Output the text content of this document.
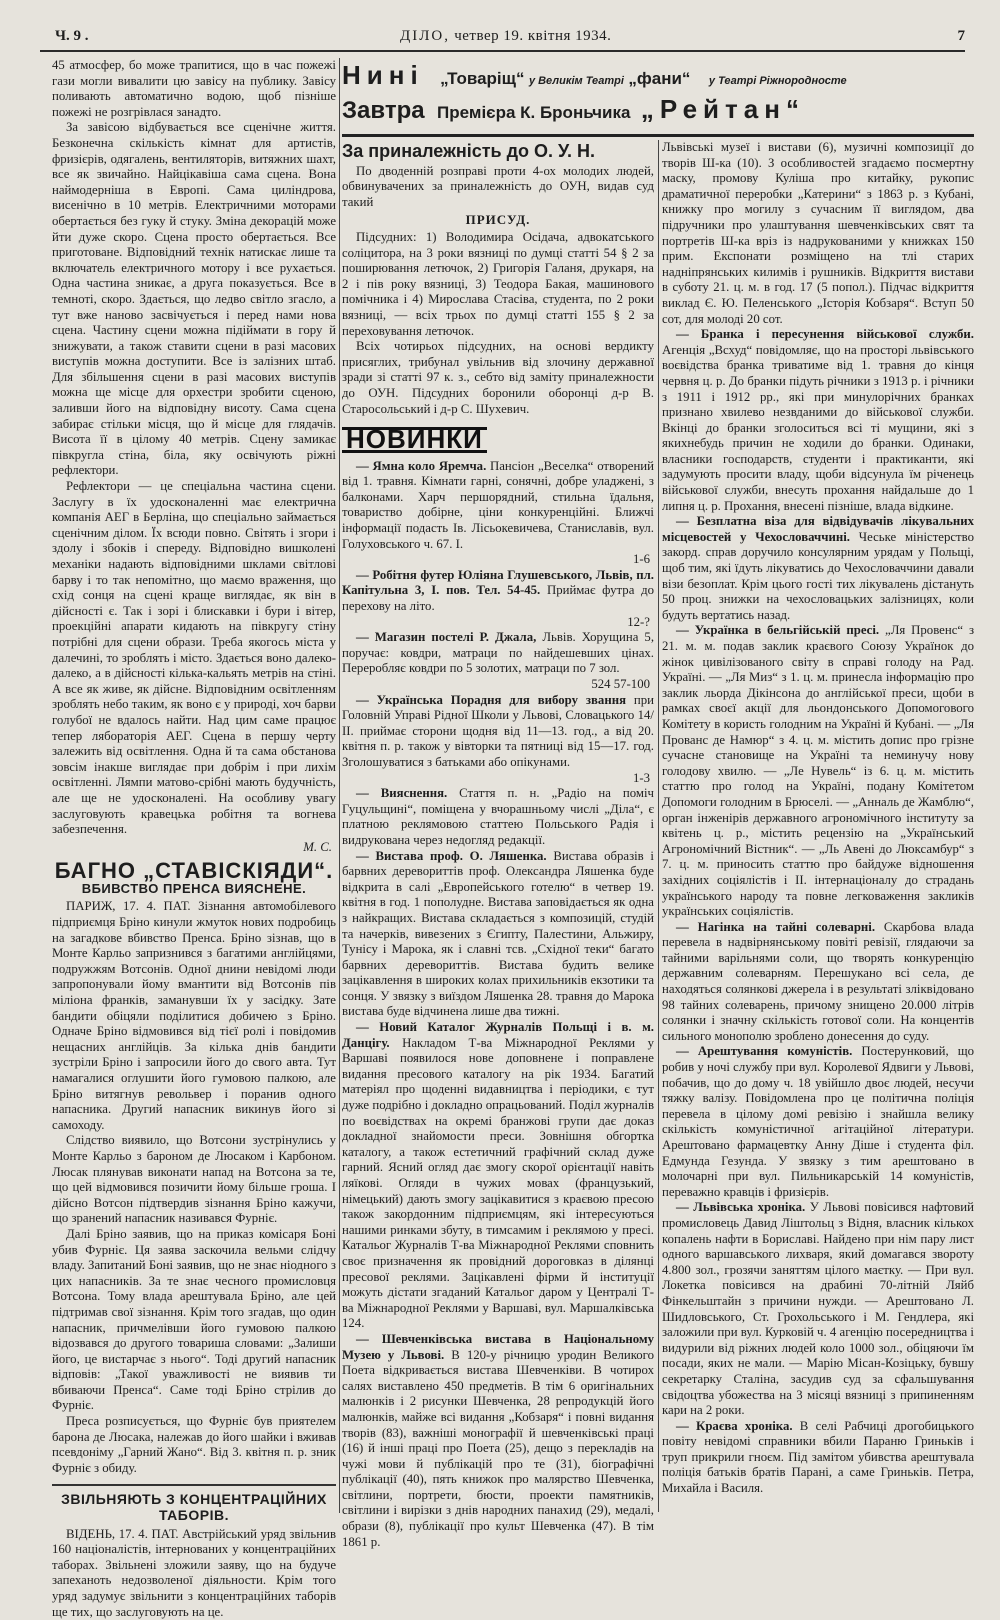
Ч. 9 .	ДІЛО, четвер 19. квітня 1934.	7
Нині „Товаріщ“ у Великім Театрі „фани“ у Театрі Ріжнородносте
Завтра Премієра К. Броньчика „Рейтан“

45 атмосфер, бо може трапитися, що в час пожежі гази могли вивалити цю завісу на публику. Завісу поливають автоматично водою, щоб пізніше пожежі не розгрівлася занадто.

За завісою відбувається все сценічне життя. Безконечна скількість кімнат для артистів, фризієрів, одягалень, вентиляторів, витяжних шахт, все як звичайно. Найцікавіша сама сцена. Вона наймодерніша в Европі. Сама циліндрова, висенічно в 10 метрів. Електричними моторами обертається без гуку й стуку. Зміна декорацій може йти дуже скоро. Сцена просто обертається. Все приготоване. Відповідний технік натискає лише та включатель електричного мотору і все рухається. Одна частина зникає, а друга показується. Все в темноті, скоро. Здається, що ледво світло згасло, а тут вже наново засвічується і перед нами нова сцена. Частину сцени можна підіймати в гору й знижувати, а також ставити сцени в разі масових виступів можна доступити. Все із залізних штаб. Для збільшення сцени в разі масових виступів можна ще місце для орхестри зробити сценою, заливши його на відповідну висоту. Сама сцена забирає стільки місця, що й місце для глядачів. Висота її в цілому 40 метрів. Сцену замикає півкругла стіна, біла, яку освічують ріжні рефлектори.

Рефлектори — це спеціальна частина сцени. Заслугу в їх удосконаленні має електрична компанія АЕГ в Берліна, що спеціально займається сценічним ділом. Їх всюди повно. Світять і згори і здолу і збоків і спереду. Відповідно вишколені механіки надають відповідними шклами світлові барву і то так непомітно, що маємо враження, що схід сонця на сцені краще виглядає, як він в дійсності є. Так і зорі і блискавки і бури і вітер, проекційні апарати кидають на півкругу стіну потрібні для сцени образи. Треба якогось міста у далечині, то зроблять і місто. Здається воно далеко-далеко, а в дійсності кілька-кальять метрів на стіні. А все як живе, як дійсне. Відповідним освітленням зроблять небо таким, як воно є у природі, хоч барви голубої не вдалось найти. Над цим саме працює тепер лябораторія АЕГ. Сцена в першу черту залежить від освітлення. Одна й та сама обстанова зовсім інакше виглядає при добрім і при лихім освітленні. Лямпи матово-срібні мають будучність, але ще не удосконалені. На особливу увагу заслуговують кравецька робітня та вогнева забезпечення.

М. С.
БАГНО „СТАВІСКІЯДИ“.
ВБИВСТВО ПРЕНСА ВИЯСНЕНЕ.

ПАРИЖ, 17. 4. ПАТ. Зізнання автомобілевого підприємця Бріно кинули жмуток нових подробиць на загадкове вбивство Пренса. Бріно зізнав, що в Монте Карльо запризнився з багатими англійцями, подружжям Вотсонів. Одної днини невідомі люди запропонували йому вмантити від Вотсонів пів міліона франків, заманувши їх у засідку. Зате бандити обіцяли поділитися добичею з Бріно. Одначе Бріно відмовився від тієї ролі і повідомив нещасних англійців. За кілька днів бандити зустріли Бріно і запросили його до свого авта. Тут намагалися оглушити його гумовою палкою, але Бріно витягнув револьвер і поранив одного напасника. Другий напасник викинув його зі самоходу.

Слідство виявило, що Вотсони зустрінулись у Монте Карльо з бароном де Люсаком і Карбоном. Люсак плянував виконати напад на Вотсона за те, що цей відмовився позичити йому більше гроша. І дійсно Вотсон підтвердив зізнання Бріно кажучи, що зранений напасник називався Фурніє.

Далі Бріно заявив, що на приказ комісаря Боні убив Фурніє. Ця заява заскочила вельми слідчу владу. Запитаний Боні заявив, що не знає ніодного з цих напасників. За те знає чесного промисловця Вотсона. Тому влада арештувала Бріно, але цей підтримав свої зізнання. Крім того згадав, що один напасник, причмелівши його гумовою палкою відозвався до другого товариша словами: „Залиши його, це вистарчає з нього“. Тоді другий напасник відповів: „Такої уважливості не виявив ти вбиваючи Пренса“. Саме тоді Бріно стрілив до Фурніє.

Преса розписується, що Фурніє був приятелем барона де Люсака, належав до його шайки і вживав псевдоніму „Гарний Жано“. Від 3. квітня п. р. зник Фурніє з обиду.

ЗВІЛЬНЯЮТЬ З КОНЦЕНТРАЦІЙНИХ ТАБОРІВ.

ВІДЕНЬ, 17. 4. ПАТ. Австрійський уряд звільнив 160 націоналістів, інтернованих у концентраційних таборах. Звільнені зложили заяву, що на будуче запеханоть недозволеної діяльности. Крім того уряд задумує звільнити з концентраційних таборів ще тих, що заслуговують на це.

За приналежність до О. У. Н.

По дводенній розправі проти 4-ох молодих людей, обвинувачених за приналежність до ОУН, видав суд такий

ПРИСУД.

Підсудних: 1) Володимира Осідача, адвокатського соліцитора, на 3 роки вязниці по думці статті 54 § 2 за поширювання летючок, 2) Григорія Галаня, друкаря, на 2 і пів року вязниці, 3) Теодора Бакая, машинового помічника і 4) Мирослава Стасіва, студента, по 2 роки вязниці, — всіх трьох по думці статті 155 § 2 за переховування летючок.

Всіх чотирьох підсудних, на основі вердикту присяглих, трибунал увільнив від злочину державної зради зі статті 97 к. з., себто від заміту приналежности до ОУН. Підсудних боронили оборонці д-р В. Старосольський і д-р С. Шухевич.

НОВИНКИ

— Ямна коло Яремча. Пансіон „Веселка“ отворений від 1. травня. Кімнати гарні, сонячні, добре уладжені, з балконами. Харч першорядний, стильна їдальня, товариство добірне, ціни конкуренційні. Ближчі інформації подасть Ів. Лісьокевичева, Станиславів, вул. Голуховського ч. 67. І.

1-6

— Робітня футер Юліяна Глушевського, Львів, пл. Капітульна 3, І. пов. Тел. 54-45. Приймає футра до перехову на літо.

12-?

— Магазин постелі Р. Джала, Львів. Хорущина 5, поручає: ковдри, матраци по найдешевших цінах. Переробляє ковдри по 5 золотих, матраци по 7 зол.

524 57-100

— Українська Порадня для вибору звання при Головній Управі Рідної Школи у Львові, Словацького 14/ІІ. приймає сторони щодня від 11—13. год., а від 20. квітня п. р. також у вівторки та пятниці від 15—17. год. Зголошуватися з батьками або опікунами.

1-3

— Вияснення. Стаття п. н. „Радіо на поміч Гуцульщині“, поміщена у вчорашньому числі „Діла“, є платною реклямовою статтею Польського Радія і видрукована через недогляд редакції.

— Вистава проф. О. Ляшенка. Вистава образів і барвних деревориттів проф. Олександра Ляшенка буде відкрита в салі „Европейського готелю“ в четвер 19. квітня в год. 1 пополудне. Вистава заповідається як одна з найкращих. Вистава складається з композицій, студій та начерків, вивезених з Єгипту, Палестини, Альжиру, Тунісу і Марока, як і славні тсв. „Східної теки“ багато барвних деревориттів. Вистава будить велике зацікавлення в широких колах прихильників екзотики та сонця. У звязку з виїздом Ляшенка 28. травня до Марока вистава буде відчинена лише два тижні.

— Новий Каталог Журналів Польщі і в. м. Данцігу. Накладом Т-ва Міжнародної Реклями у Варшаві появилося нове доповнене і поправлене видання пресового каталогу на рік 1934. Багатий матеріял про щоденні видавництва і періодики, є тут дуже подрібно і докладно опрацьований. Поділ журналів по воєвідствах на окремі бранжові групи дає доказ докладної знайомости преси. Зовнішня обгортка каталогу, а також естетичний графічний склад дуже гарний. Ясний огляд дає змогу скорої орієнтації навіть ляїкові. Огляди в чужих мовах (французький, німецький) дають змогу зацікавитися з краєвою пресою також закордонним підприємцям, які інтересуються нашими ринками збуту, в тимсамим і реклямою у пресі. Катальог Журналів Т-ва Міжнародної Реклями сповнить своє призначення як провідний дороговказ в ділянці пресової реклями. Зацікавлені фірми й інституції можуть дістати згаданий Катальог даром у Централі Т-ва Міжнародної Реклями у Варшаві, вул. Маршалківська 124.

— Шевченківська вистава в Національному Музею у Львові. В 120-у річницю уродин Великого Поета відкривається вистава Шевченківи. В чотирох салях виставлено 450 предметів. В тім 6 оригінальних малюнків і 2 рисунки Шевченка, 28 репродукцій його малюнків, майже всі видання „Кобзаря“ і повні видання творів (83), важніші монографії й шевченківські праці (16) й інші праці про Поета (25), дещо з перекладів на чужі мови й публікацій про те (31), біографічні публікації (40), пять книжок про малярство Шевченка, світлини, портрети, бюсти, проекти памятників, світлини і вирізки з днів народних панахид (29), медалі, образи (8), публікації про культ Шевченка (47). В тім 1861 р.

Львівські музеї і вистави (6), музичні композиції до творів Ш-ка (10). З особливостей згадаємо посмертну маску, промову Куліша про китайку, рукопис драматичної переробки „Катерини“ з 1863 р. з Кубані, книжку про могилу з сучасним її виглядом, два підручники про улаштування шевченківських свят та портретів Ш-ка вріз із надрукованими у книжках 150 прим. Експонати розміщено на тлі старих надніпрянських килимів і рушників. Відкриття вистави в суботу 21. ц. м. в год. 17 (5 попол.). Підчас відкриття виклад Є. Ю. Пеленського „Історія Кобзаря“. Вступ 50 сот, для молоді 20 сот.

— Бранка і пересунення військової служби. Агенція „Всхуд“ повідомляє, що на просторі львівського воєвідства бранка триватиме від 1. травня до кінця червня ц. р. До бранки підуть річники з 1913 р. і річники з 1911 і 1912 рр., які при минулорічних бранках признано хвилево незвданими до військової служби. Вкінці до бранки зголоситься всі ті мущини, які з якихнебудь причин не ходили до бранки. Одинаки, власники господарств, студенти і практиканти, які задумують просити владу, щоби відсунула їм річенець військової служби, внесуть прохання найдальше до 1 липня ц. р. Прохання, внесені пізніше, влада відкине.

— Безплатна віза для відвідувачів лікувальних місцевостей у Чехословаччині. Чеське міністерство закорд. справ доручило консулярним урядам у Польщі, щоб тим, які їдуть лікуватись до Чехословаччини давали візи безоплат. Крім цього гості тих лікувалень дістануть 50 проц. знижки на чехословацьких залізницях, коли будуть вертатись назад.

— Українка в бельгійській пресі. „Ля Провенс“ з 21. м. м. подав заклик краєвого Союзу Українок до жінок цивілізованого світу в справі голоду на Рад. Україні. — „Ля Миз“ з 1. ц. м. принесла інформацію про заклик льорда Дікінсона до англійської преси, щоби в рамках своєї акції для льондонського Допомогового Комітету в користь голодним на Україні й Кубані. — „Ля Прованс де Намюр“ з 4. ц. м. містить допис про грізне сучасне становище на Україні та неминучу нову голодову хвилю. — „Ле Нувель“ із 6. ц. м. містить статтю про голод на Україні, подану Комітетом Допомоги голодним в Брюселі. — „Анналь де Жамблю“, орган інженірів державного агрономічного інституту за квітень ц. р., містить рецензію на „Український Агрономічний Вістник“. — „Ль Авені до Люксамбур“ з 7. ц. м. приносить статтю про байдуже відношення західних соціялістів і ІІ. інтернаціоналу до страдань українського народу та повне легковаження закликів українських соціялістів.

— Нагінка на тайні солеварні. Скарбова влада перевела в надвірнянському повіті ревізії, глядаючи за тайними варільнями соли, що творять конкуренцію державним солеварням. Перешукано всі села, де находяться солянкові джерела і в результаті зліквідовано 98 тайних солеварень, причому знищено 20.000 літрів солянки і значну скількість готової соли. На концентів сильного монополю зроблено донесення до суду.

— Арештування комуністів. Постерунковий, що робив у ночі службу при вул. Королевої Ядвиги у Львові, побачив, що до дому ч. 18 увійшло двоє людей, несучи тяжку валізу. Повідомлена про це політична поліція перевела в цілому домі ревізію і знайшла велику скількість комуністичної агітаційної літератури. Арештовано фармацевтку Анну Діше і студента філ. Едмунда Гезунда. У звязку з тим арештовано в молочарні при вул. Пильникарській 14 комуністів, переважно кравців і фризієрів.

— Львівська хроніка. У Львові повісився нафтовий промисловець Давид Ліштольц з Відня, власник кількох копалень нафти в Бориславі. Найдено при нім пару лист одного варшавського лихваря, який домагався звороту 4.800 зол., грозячи заняттям цілого маєтку. — При вул. Локетка повісився на драбині 70-літній Ляйб Фінкельштайн з причини нужди. — Арештовано Л. Шидловського, Ст. Грохольського і М. Гендлера, які заложили при вул. Курковій ч. 4 агенцію посередництва і видурили від ріжних людей коло 1000 зол., обіцяючи їм посади, яких не мали. — Марію Місан-Козіцьку, бувшу секретарку Сталіна, засудив суд за сфальшування свідоцтва убожества на 3 місяці вязниці з припиненням кари на 2 роки.

— Краєва хроніка. В селі Рабчиці дрогобицького повіту невідомі справники вбили Параню Гриньків і труп прикрили гноєм. Під замітом убивства арештувала поліція батьків братів Парані, а саме Гриньків. Петра, Михайла і Василя.
